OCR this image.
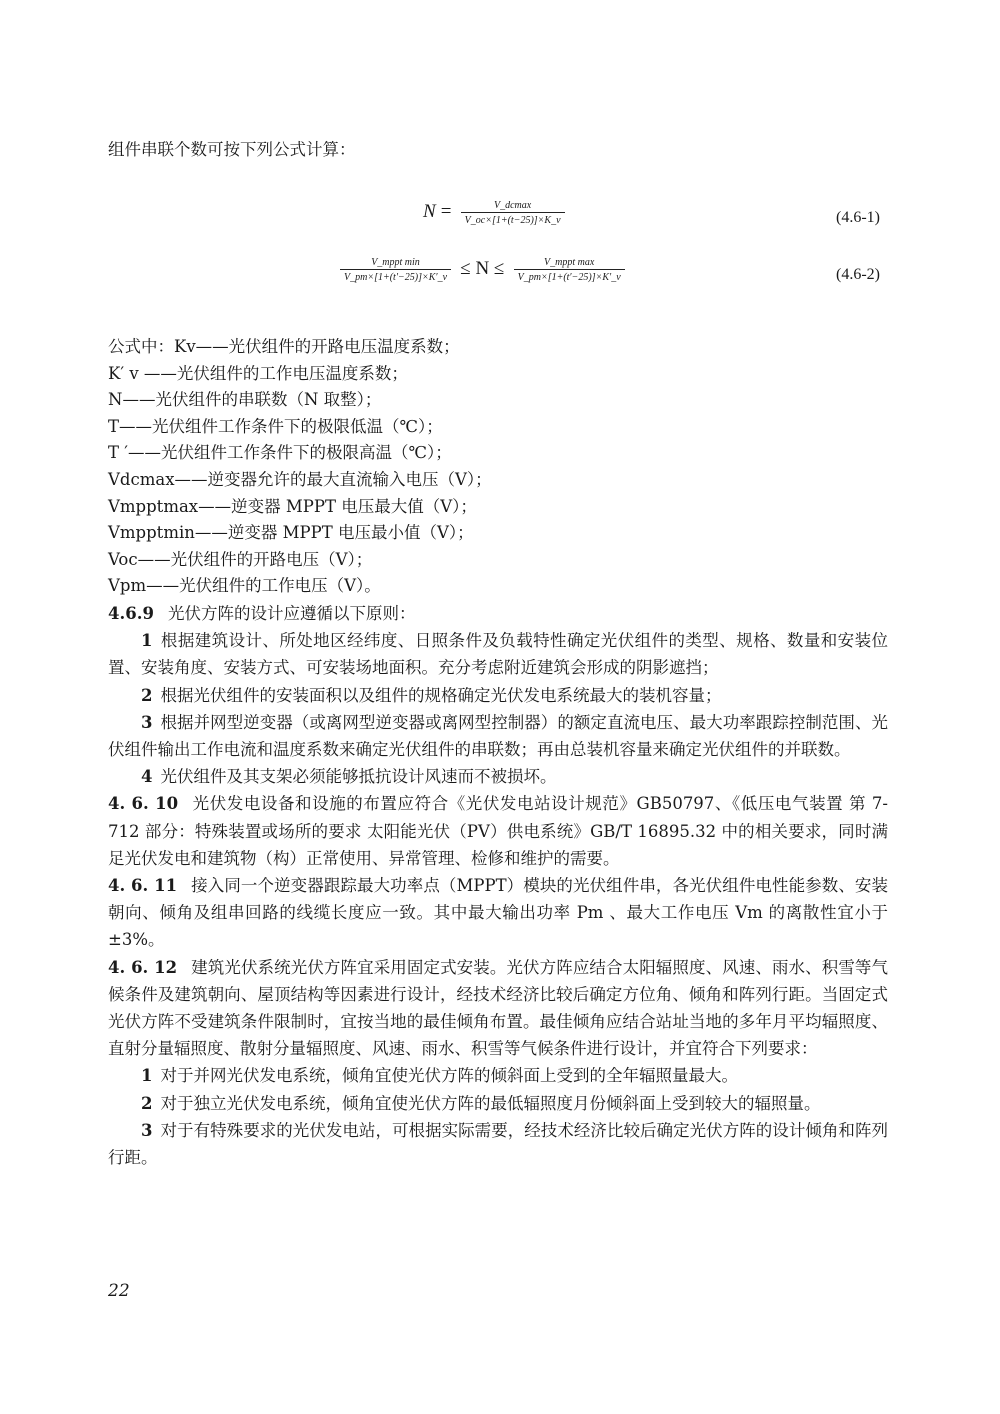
组件串联个数可按下列公式计算：
$N = \frac{V\_dcmax}{V\_oc\times[1+(t-25)]\times K\_v}$	(4.6-1)
$\frac{\text{V\_mppt min}}{V\_pm\times[1+(t'-25)]\times K'\_v} \le N \le \frac{\text{V\_mppt max}}{V\_pm\times[1+(t'-25)]\times K'\_v}$	(4.6-2)
公式中：Kv——光伏组件的开路电压温度系数；
K′ v ——光伏组件的工作电压温度系数；
N——光伏组件的串联数（N 取整）；
T——光伏组件工作条件下的极限低温（℃）；
T ′——光伏组件工作条件下的极限高温（℃）；
Vdcmax——逆变器允许的最大直流输入电压（V）；
Vmpptmax——逆变器 MPPT 电压最大值（V）；
Vmpptmin——逆变器 MPPT 电压最小值（V）；
Voc——光伏组件的开路电压（V）；
Vpm——光伏组件的工作电压（V）。
4.6.9 光伏方阵的设计应遵循以下原则：
1 根据建筑设计、所处地区经纬度、日照条件及负载特性确定光伏组件的类型、规格、数量和安装位置、安装角度、安装方式、可安装场地面积。充分考虑附近建筑会形成的阴影遮挡；
2 根据光伏组件的安装面积以及组件的规格确定光伏发电系统最大的装机容量；
3 根据并网型逆变器（或离网型逆变器或离网型控制器）的额定直流电压、最大功率跟踪控制范围、光伏组件输出工作电流和温度系数来确定光伏组件的串联数；再由总装机容量来确定光伏组件的并联数。
4 光伏组件及其支架必须能够抵抗设计风速而不被损坏。
4. 6. 10 光伏发电设备和设施的布置应符合《光伏发电站设计规范》GB50797、《低压电气装置 第 7-712 部分：特殊装置或场所的要求 太阳能光伏（PV）供电系统》GB/T 16895.32 中的相关要求，同时满足光伏发电和建筑物（构）正常使用、异常管理、检修和维护的需要。
4. 6. 11 接入同一个逆变器跟踪最大功率点（MPPT）模块的光伏组件串，各光伏组件电性能参数、安装朝向、倾角及组串回路的线缆长度应一致。其中最大输出功率 Pm 、最大工作电压 Vm 的离散性宜小于±3%。
4. 6. 12 建筑光伏系统光伏方阵宜采用固定式安装。光伏方阵应结合太阳辐照度、风速、雨水、积雪等气候条件及建筑朝向、屋顶结构等因素进行设计，经技术经济比较后确定方位角、倾角和阵列行距。当固定式光伏方阵不受建筑条件限制时，宜按当地的最佳倾角布置。最佳倾角应结合站址当地的多年月平均辐照度、直射分量辐照度、散射分量辐照度、风速、雨水、积雪等气候条件进行设计，并宜符合下列要求：
1 对于并网光伏发电系统，倾角宜使光伏方阵的倾斜面上受到的全年辐照量最大。
2 对于独立光伏发电系统，倾角宜使光伏方阵的最低辐照度月份倾斜面上受到较大的辐照量。
3 对于有特殊要求的光伏发电站，可根据实际需要，经技术经济比较后确定光伏方阵的设计倾角和阵列行距。
22
